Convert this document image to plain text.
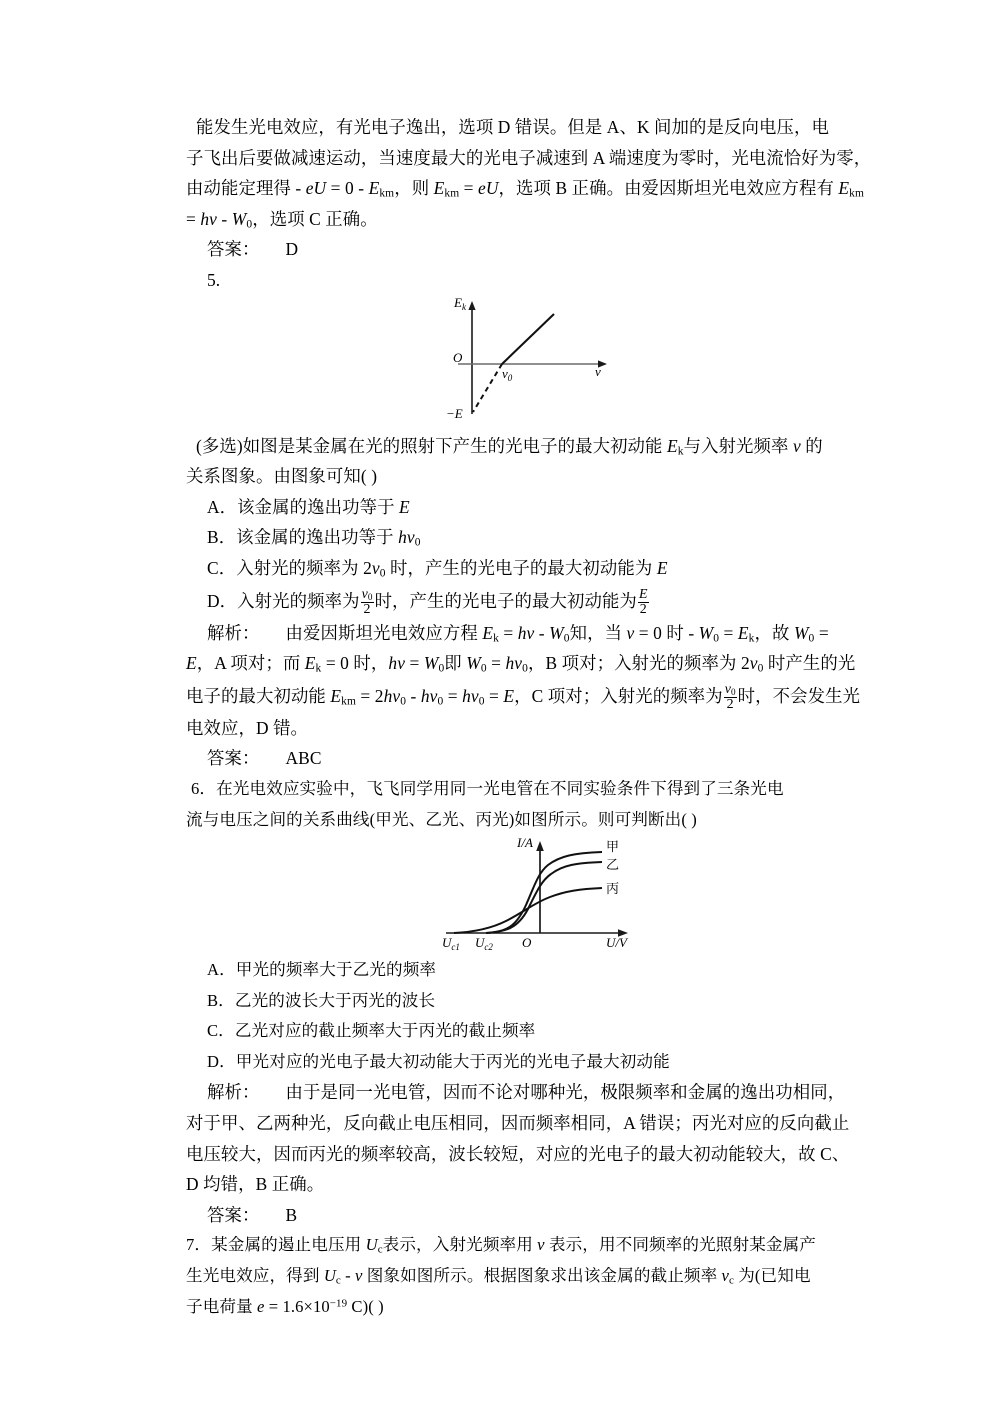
能发生光电效应，有光电子逸出，选项 D 错误。但是 A、K 间加的是反向电压，电
子飞出后要做减速运动，当速度最大的光电子减速到 A 端速度为零时，光电流恰好为零，
由动能定理得 - eU = $0 - E_{km}$，则 $E_{km}$ = eU，选项 B 正确。由爱因斯坦光电效应方程有 $E_{km}$
= hv - $W_0$，选项 C 正确。
答案： D
5.
$E_k$
O
v
$v_0$
−E
(多选)如图是某金属在光的照射下产生的光电子的最大初动能 $E_k$与入射光频率 v 的
关系图象。由图象可知( )
A．该金属的逸出功等于 E
B．该金属的逸出功等于 $hv_0$
C．入射光的频率为 $2v_0$ 时，产生的光电子的最大初动能为 E
D．入射光的频率为 $\frac{v_0}{2}$ 时，产生的光电子的最大初动能为 $\frac{E}{2}$
解析： 由爱因斯坦光电效应方程 $E_k$ = hv - $W_0$知，当 v = 0 时 - $W_0 = E_k$，故 $W_0$ =
E，A 项对；而 $E_k = 0$ 时，hv = $W_0$即 $W_0 = hv_0$，B 项对；入射光的频率为 $2v_0$ 时产生的光
电子的最大初动能 $E_{km} = 2hv_0 - hv_0 = hv_0 = E$，C 项对；入射光的频率为 $\frac{v_0}{2}$ 时，不会发生光
电效应，D 错。
答案： ABC
6．在光电效应实验中，飞飞同学用同一光电管在不同实验条件下得到了三条光电
流与电压之间的关系曲线(甲光、乙光、丙光)如图所示。则可判断出( )
I/A
U/V
O
$U_{c1}$ $U_{c2}$
甲
乙
丙
A．甲光的频率大于乙光的频率
B．乙光的波长大于丙光的波长
C．乙光对应的截止频率大于丙光的截止频率
D．甲光对应的光电子最大初动能大于丙光的光电子最大初动能
解析： 由于是同一光电管，因而不论对哪种光，极限频率和金属的逸出功相同，
对于甲、乙两种光，反向截止电压相同，因而频率相同，A 错误；丙光对应的反向截止
电压较大，因而丙光的频率较高，波长较短，对应的光电子的最大初动能较大，故 C、
D 均错，B 正确。
答案： B
7．某金属的遏止电压用 $U_c$表示，入射光频率用 v 表示，用不同频率的光照射某金属产
生光电效应，得到 $U_c$ - v 图象如图所示。根据图象求出该金属的截止频率 $v_c$ 为(已知电
子电荷量 $e = 1.6\times 10^{-19}$ C)( )
